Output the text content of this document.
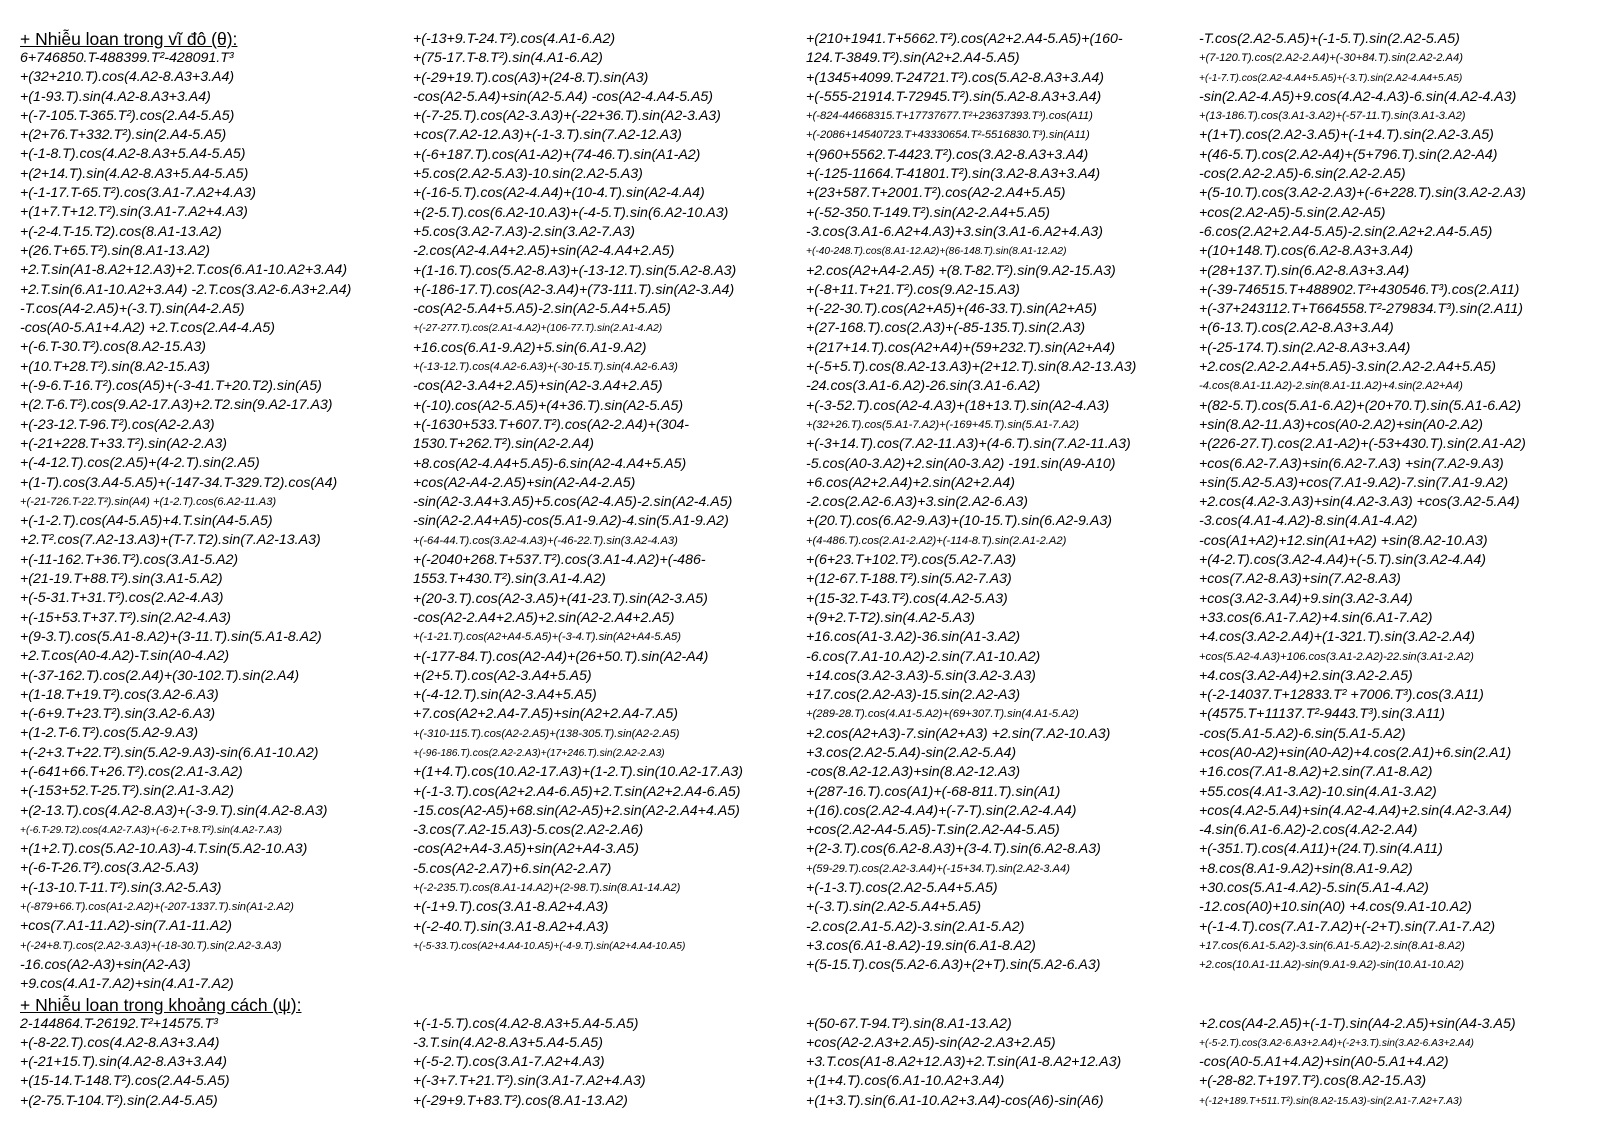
+ Nhiễu loan trong vĩ đô (θ):
6+746850.T-488399.T²-428091.T³
+(32+210.T).cos(4.A2-8.A3+3.A4)
+(1-93.T).sin(4.A2-8.A3+3.A4)
+(-7-105.T-365.T²).cos(2.A4-5.A5)
+(2+76.T+332.T²).sin(2.A4-5.A5)
+(-1-8.T).cos(4.A2-8.A3+5.A4-5.A5)
+(2+14.T).sin(4.A2-8.A3+5.A4-5.A5)
+(-1-17.T-65.T²).cos(3.A1-7.A2+4.A3)
+(1+7.T+12.T²).sin(3.A1-7.A2+4.A3)
+(-2-4.T-15.T2).cos(8.A1-13.A2)
+(26.T+65.T²).sin(8.A1-13.A2)
+2.T.sin(A1-8.A2+12.A3)+2.T.cos(6.A1-10.A2+3.A4)
+2.T.sin(6.A1-10.A2+3.A4) -2.T.cos(3.A2-6.A3+2.A4)
-T.cos(A4-2.A5)+(-3.T).sin(A4-2.A5)
-cos(A0-5.A1+4.A2) +2.T.cos(2.A4-4.A5)
+(-6.T-30.T²).cos(8.A2-15.A3)
+(10.T+28.T²).sin(8.A2-15.A3)
+(-9-6.T-16.T²).cos(A5)+(-3-41.T+20.T2).sin(A5)
+(2.T-6.T²).cos(9.A2-17.A3)+2.T2.sin(9.A2-17.A3)
+(-23-12.T-96.T²).cos(A2-2.A3)
+(-21+228.T+33.T²).sin(A2-2.A3)
+(-4-12.T).cos(2.A5)+(4-2.T).sin(2.A5)
+(1-T).cos(3.A4-5.A5)+(-147-34.T-329.T2).cos(A4)
+(-21-726.T-22.T²).sin(A4) +(1-2.T).cos(6.A2-11.A3)
+(-1-2.T).cos(A4-5.A5)+4.T.sin(A4-5.A5)
+2.T².cos(7.A2-13.A3)+(T-7.T2).sin(7.A2-13.A3)
+(-11-162.T+36.T²).cos(3.A1-5.A2)
+(21-19.T+88.T²).sin(3.A1-5.A2)
+(-5-31.T+31.T²).cos(2.A2-4.A3)
+(-15+53.T+37.T²).sin(2.A2-4.A3)
+(9-3.T).cos(5.A1-8.A2)+(3-11.T).sin(5.A1-8.A2)
+2.T.cos(A0-4.A2)-T.sin(A0-4.A2)
+(-37-162.T).cos(2.A4)+(30-102.T).sin(2.A4)
+(1-18.T+19.T²).cos(3.A2-6.A3)
+(-6+9.T+23.T²).sin(3.A2-6.A3)
+(1-2.T-6.T²).cos(5.A2-9.A3)
+(-2+3.T+22.T²).sin(5.A2-9.A3)-sin(6.A1-10.A2)
+(-641+66.T+26.T²).cos(2.A1-3.A2)
+(-153+52.T-25.T²).sin(2.A1-3.A2)
+(2-13.T).cos(4.A2-8.A3)+(-3-9.T).sin(4.A2-8.A3)
+(-6.T-29.T2).cos(4.A2-7.A3)+(-6-2.T+8.T²).sin(4.A2-7.A3)
+(1+2.T).cos(5.A2-10.A3)-4.T.sin(5.A2-10.A3)
+(-6-T-26.T²).cos(3.A2-5.A3)
+(-13-10.T-11.T²).sin(3.A2-5.A3)
+(-879+66.T).cos(A1-2.A2)+(-207-1337.T).sin(A1-2.A2)
+cos(7.A1-11.A2)-sin(7.A1-11.A2)
+(-24+8.T).cos(2.A2-3.A3)+(-18-30.T).sin(2.A2-3.A3)
-16.cos(A2-A3)+sin(A2-A3)
+9.cos(4.A1-7.A2)+sin(4.A1-7.A2)
+(-13+9.T-24.T²).cos(4.A1-6.A2)
+(75-17.T-8.T²).sin(4.A1-6.A2)
+(-29+19.T).cos(A3)+(24-8.T).sin(A3)
-cos(A2-5.A4)+sin(A2-5.A4) -cos(A2-4.A4-5.A5)
+(-7-25.T).cos(A2-3.A3)+(-22+36.T).sin(A2-3.A3)
+cos(7.A2-12.A3)+(-1-3.T).sin(7.A2-12.A3)
+(-6+187.T).cos(A1-A2)+(74-46.T).sin(A1-A2)
+5.cos(2.A2-5.A3)-10.sin(2.A2-5.A3)
+(-16-5.T).cos(A2-4.A4)+(10-4.T).sin(A2-4.A4)
+(2-5.T).cos(6.A2-10.A3)+(-4-5.T).sin(6.A2-10.A3)
+5.cos(3.A2-7.A3)-2.sin(3.A2-7.A3)
-2.cos(A2-4.A4+2.A5)+sin(A2-4.A4+2.A5)
+(1-16.T).cos(5.A2-8.A3)+(-13-12.T).sin(5.A2-8.A3)
+(-186-17.T).cos(A2-3.A4)+(73-111.T).sin(A2-3.A4)
-cos(A2-5.A4+5.A5)-2.sin(A2-5.A4+5.A5)
+(-27-277.T).cos(2.A1-4.A2)+(106-77.T).sin(2.A1-4.A2)
+16.cos(6.A1-9.A2)+5.sin(6.A1-9.A2)
+(-13-12.T).cos(4.A2-6.A3)+(-30-15.T).sin(4.A2-6.A3)
-cos(A2-3.A4+2.A5)+sin(A2-3.A4+2.A5)
+(-10).cos(A2-5.A5)+(4+36.T).sin(A2-5.A5)
+(-1630+533.T+607.T²).cos(A2-2.A4)+(304-
1530.T+262.T²).sin(A2-2.A4)
+8.cos(A2-4.A4+5.A5)-6.sin(A2-4.A4+5.A5)
+cos(A2-A4-2.A5)+sin(A2-A4-2.A5)
-sin(A2-3.A4+3.A5)+5.cos(A2-4.A5)-2.sin(A2-4.A5)
-sin(A2-2.A4+A5)-cos(5.A1-9.A2)-4.sin(5.A1-9.A2)
+(-64-44.T).cos(3.A2-4.A3)+(-46-22.T).sin(3.A2-4.A3)
+(-2040+268.T+537.T²).cos(3.A1-4.A2)+(-486-
1553.T+430.T²).sin(3.A1-4.A2)
+(20-3.T).cos(A2-3.A5)+(41-23.T).sin(A2-3.A5)
-cos(A2-2.A4+2.A5)+2.sin(A2-2.A4+2.A5)
+(-1-21.T).cos(A2+A4-5.A5)+(-3-4.T).sin(A2+A4-5.A5)
+(-177-84.T).cos(A2-A4)+(26+50.T).sin(A2-A4)
+(2+5.T).cos(A2-3.A4+5.A5)
+(-4-12.T).sin(A2-3.A4+5.A5)
+7.cos(A2+2.A4-7.A5)+sin(A2+2.A4-7.A5)
+(-310-115.T).cos(A2-2.A5)+(138-305.T).sin(A2-2.A5)
+(-96-186.T).cos(2.A2-2.A3)+(17+246.T).sin(2.A2-2.A3)
+(1+4.T).cos(10.A2-17.A3)+(1-2.T).sin(10.A2-17.A3)
+(-1-3.T).cos(A2+2.A4-6.A5)+2.T.sin(A2+2.A4-6.A5)
-15.cos(A2-A5)+68.sin(A2-A5)+2.sin(A2-2.A4+4.A5)
-3.cos(7.A2-15.A3)-5.cos(2.A2-2.A6)
-cos(A2+A4-3.A5)+sin(A2+A4-3.A5)
-5.cos(A2-2.A7)+6.sin(A2-2.A7)
+(-2-235.T).cos(8.A1-14.A2)+(2-98.T).sin(8.A1-14.A2)
+(-1+9.T).cos(3.A1-8.A2+4.A3)
+(-2-40.T).sin(3.A1-8.A2+4.A3)
+(-5-33.T).cos(A2+4.A4-10.A5)+(-4-9.T).sin(A2+4.A4-10.A5)
+(210+1941.T+5662.T²).cos(A2+2.A4-5.A5)+(160-
124.T-3849.T²).sin(A2+2.A4-5.A5)
+(1345+4099.T-24721.T²).cos(5.A2-8.A3+3.A4)
+(-555-21914.T-72945.T²).sin(5.A2-8.A3+3.A4)
+(-824-44668315.T+17737677.T²+23637393.T³).cos(A11)
+(-2086+14540723.T+43330654.T²-5516830.T³).sin(A11)
+(960+5562.T-4423.T²).cos(3.A2-8.A3+3.A4)
+(-125-11664.T-41801.T²).sin(3.A2-8.A3+3.A4)
+(23+587.T+2001.T²).cos(A2-2.A4+5.A5)
+(-52-350.T-149.T²).sin(A2-2.A4+5.A5)
-3.cos(3.A1-6.A2+4.A3)+3.sin(3.A1-6.A2+4.A3)
+(-40-248.T).cos(8.A1-12.A2)+(86-148.T).sin(8.A1-12.A2)
+2.cos(A2+A4-2.A5) +(8.T-82.T²).sin(9.A2-15.A3)
+(-8+11.T+21.T²).cos(9.A2-15.A3)
+(-22-30.T).cos(A2+A5)+(46-33.T).sin(A2+A5)
+(27-168.T).cos(2.A3)+(-85-135.T).sin(2.A3)
+(217+14.T).cos(A2+A4)+(59+232.T).sin(A2+A4)
+(-5+5.T).cos(8.A2-13.A3)+(2+12.T).sin(8.A2-13.A3)
-24.cos(3.A1-6.A2)-26.sin(3.A1-6.A2)
+(-3-52.T).cos(A2-4.A3)+(18+13.T).sin(A2-4.A3)
+(32+26.T).cos(5.A1-7.A2)+(-169+45.T).sin(5.A1-7.A2)
+(-3+14.T).cos(7.A2-11.A3)+(4-6.T).sin(7.A2-11.A3)
-5.cos(A0-3.A2)+2.sin(A0-3.A2) -191.sin(A9-A10)
+6.cos(A2+2.A4)+2.sin(A2+2.A4)
-2.cos(2.A2-6.A3)+3.sin(2.A2-6.A3)
+(20.T).cos(6.A2-9.A3)+(10-15.T).sin(6.A2-9.A3)
+(4-486.T).cos(2.A1-2.A2)+(-114-8.T).sin(2.A1-2.A2)
+(6+23.T+102.T²).cos(5.A2-7.A3)
+(12-67.T-188.T²).sin(5.A2-7.A3)
+(15-32.T-43.T²).cos(4.A2-5.A3)
+(9+2.T-T2).sin(4.A2-5.A3)
+16.cos(A1-3.A2)-36.sin(A1-3.A2)
-6.cos(7.A1-10.A2)-2.sin(7.A1-10.A2)
+14.cos(3.A2-3.A3)-5.sin(3.A2-3.A3)
+17.cos(2.A2-A3)-15.sin(2.A2-A3)
+(289-28.T).cos(4.A1-5.A2)+(69+307.T).sin(4.A1-5.A2)
+2.cos(A2+A3)-7.sin(A2+A3) +2.sin(7.A2-10.A3)
+3.cos(2.A2-5.A4)-sin(2.A2-5.A4)
-cos(8.A2-12.A3)+sin(8.A2-12.A3)
+(287-16.T).cos(A1)+(-68-811.T).sin(A1)
+(16).cos(2.A2-4.A4)+(-7-T).sin(2.A2-4.A4)
+cos(2.A2-A4-5.A5)-T.sin(2.A2-A4-5.A5)
+(2-3.T).cos(6.A2-8.A3)+(3-4.T).sin(6.A2-8.A3)
+(59-29.T).cos(2.A2-3.A4)+(-15+34.T).sin(2.A2-3.A4)
+(-1-3.T).cos(2.A2-5.A4+5.A5)
+(-3.T).sin(2.A2-5.A4+5.A5)
-2.cos(2.A1-5.A2)-3.sin(2.A1-5.A2)
+3.cos(6.A1-8.A2)-19.sin(6.A1-8.A2)
+(5-15.T).cos(5.A2-6.A3)+(2+T).sin(5.A2-6.A3)
-T.cos(2.A2-5.A5)+(-1-5.T).sin(2.A2-5.A5)
+(7-120.T).cos(2.A2-2.A4)+(-30+84.T).sin(2.A2-2.A4)
+(-1-7.T).cos(2.A2-4.A4+5.A5)+(-3.T).sin(2.A2-4.A4+5.A5)
-sin(2.A2-4.A5)+9.cos(4.A2-4.A3)-6.sin(4.A2-4.A3)
+(13-186.T).cos(3.A1-3.A2)+(-57-11.T).sin(3.A1-3.A2)
+(1+T).cos(2.A2-3.A5)+(-1+4.T).sin(2.A2-3.A5)
+(46-5.T).cos(2.A2-A4)+(5+796.T).sin(2.A2-A4)
-cos(2.A2-2.A5)-6.sin(2.A2-2.A5)
+(5-10.T).cos(3.A2-2.A3)+(-6+228.T).sin(3.A2-2.A3)
+cos(2.A2-A5)-5.sin(2.A2-A5)
-6.cos(2.A2+2.A4-5.A5)-2.sin(2.A2+2.A4-5.A5)
+(10+148.T).cos(6.A2-8.A3+3.A4)
+(28+137.T).sin(6.A2-8.A3+3.A4)
+(-39-746515.T+488902.T²+430546.T³).cos(2.A11)
+(-37+243112.T+T664558.T²-279834.T³).sin(2.A11)
+(6-13.T).cos(2.A2-8.A3+3.A4)
+(-25-174.T).sin(2.A2-8.A3+3.A4)
+2.cos(2.A2-2.A4+5.A5)-3.sin(2.A2-2.A4+5.A5)
-4.cos(8.A1-11.A2)-2.sin(8.A1-11.A2)+4.sin(2.A2+A4)
+(82-5.T).cos(5.A1-6.A2)+(20+70.T).sin(5.A1-6.A2)
+sin(8.A2-11.A3)+cos(A0-2.A2)+sin(A0-2.A2)
+(226-27.T).cos(2.A1-A2)+(-53+430.T).sin(2.A1-A2)
+cos(6.A2-7.A3)+sin(6.A2-7.A3) +sin(7.A2-9.A3)
+sin(5.A2-5.A3)+cos(7.A1-9.A2)-7.sin(7.A1-9.A2)
+2.cos(4.A2-3.A3)+sin(4.A2-3.A3) +cos(3.A2-5.A4)
-3.cos(4.A1-4.A2)-8.sin(4.A1-4.A2)
-cos(A1+A2)+12.sin(A1+A2) +sin(8.A2-10.A3)
+(4-2.T).cos(3.A2-4.A4)+(-5.T).sin(3.A2-4.A4)
+cos(7.A2-8.A3)+sin(7.A2-8.A3)
+cos(3.A2-3.A4)+9.sin(3.A2-3.A4)
+33.cos(6.A1-7.A2)+4.sin(6.A1-7.A2)
+4.cos(3.A2-2.A4)+(1-321.T).sin(3.A2-2.A4)
+cos(5.A2-4.A3)+106.cos(3.A1-2.A2)-22.sin(3.A1-2.A2)
+4.cos(3.A2-A4)+2.sin(3.A2-2.A5)
+(-2-14037.T+12833.T² +7006.T³).cos(3.A11)
+(4575.T+11137.T²-9443.T³).sin(3.A11)
-cos(5.A1-5.A2)-6.sin(5.A1-5.A2)
+cos(A0-A2)+sin(A0-A2)+4.cos(2.A1)+6.sin(2.A1)
+16.cos(7.A1-8.A2)+2.sin(7.A1-8.A2)
+55.cos(4.A1-3.A2)-10.sin(4.A1-3.A2)
+cos(4.A2-5.A4)+sin(4.A2-4.A4)+2.sin(4.A2-3.A4)
-4.sin(6.A1-6.A2)-2.cos(4.A2-2.A4)
+(-351.T).cos(4.A11)+(24.T).sin(4.A11)
+8.cos(8.A1-9.A2)+sin(8.A1-9.A2)
+30.cos(5.A1-4.A2)-5.sin(5.A1-4.A2)
-12.cos(A0)+10.sin(A0) +4.cos(9.A1-10.A2)
+(-1-4.T).cos(7.A1-7.A2)+(-2+T).sin(7.A1-7.A2)
+17.cos(6.A1-5.A2)-3.sin(6.A1-5.A2)-2.sin(8.A1-8.A2)
+2.cos(10.A1-11.A2)-sin(9.A1-9.A2)-sin(10.A1-10.A2)
+ Nhiễu loan trong khoảng cách (ψ):
2-144864.T-26192.T²+14575.T³
+(-8-22.T).cos(4.A2-8.A3+3.A4)
+(-21+15.T).sin(4.A2-8.A3+3.A4)
+(15-14.T-148.T²).cos(2.A4-5.A5)
+(2-75.T-104.T²).sin(2.A4-5.A5)
+(-1-5.T).cos(4.A2-8.A3+5.A4-5.A5)
-3.T.sin(4.A2-8.A3+5.A4-5.A5)
+(-5-2.T).cos(3.A1-7.A2+4.A3)
+(-3+7.T+21.T²).sin(3.A1-7.A2+4.A3)
+(-29+9.T+83.T²).cos(8.A1-13.A2)
+(50-67.T-94.T²).sin(8.A1-13.A2)
+cos(A2-2.A3+2.A5)-sin(A2-2.A3+2.A5)
+3.T.cos(A1-8.A2+12.A3)+2.T.sin(A1-8.A2+12.A3)
+(1+4.T).cos(6.A1-10.A2+3.A4)
+(1+3.T).sin(6.A1-10.A2+3.A4)-cos(A6)-sin(A6)
+2.cos(A4-2.A5)+(-1-T).sin(A4-2.A5)+sin(A4-3.A5)
+(-5-2.T).cos(3.A2-6.A3+2.A4)+(-2+3.T).sin(3.A2-6.A3+2.A4)
-cos(A0-5.A1+4.A2)+sin(A0-5.A1+4.A2)
+(-28-82.T+197.T²).cos(8.A2-15.A3)
+(-12+189.T+511.T²).sin(8.A2-15.A3)-sin(2.A1-7.A2+7.A3)
